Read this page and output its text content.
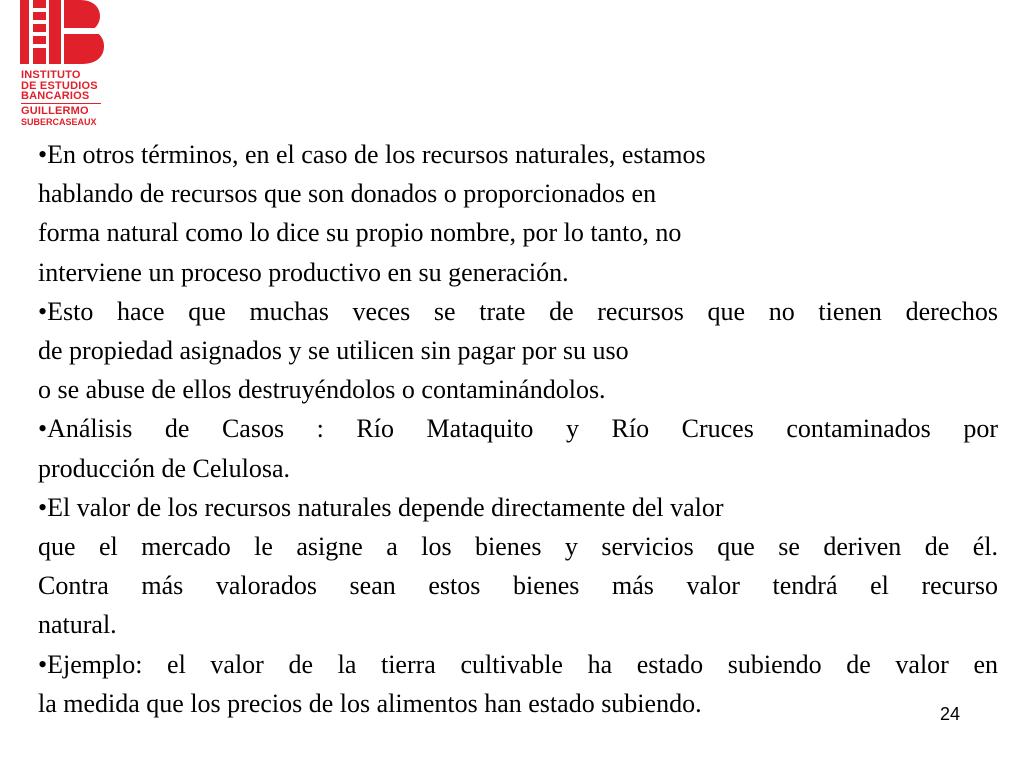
INSTITUTO
DE ESTUDIOS
BANCARIOS
GUILLERMO
SUBERCASEAUX

•En otros términos, en el caso de los recursos naturales, estamos

hablando de recursos que son donados o proporcionados en

forma natural como lo dice su propio nombre, por lo tanto, no

interviene un proceso productivo en su generación.

•Esto hace que muchas veces se trate de recursos que no tienen derechos

de propiedad asignados y se utilicen sin pagar por su uso

o se abuse de ellos destruyéndolos o contaminándolos.

•Análisis de Casos : Río Mataquito y Río Cruces contaminados por

producción de Celulosa.

•El valor de los recursos naturales depende directamente del valor

que el mercado le asigne a los bienes y servicios que se deriven de él.

Contra más valorados sean estos bienes más valor tendrá el recurso

natural.

•Ejemplo: el valor de la tierra cultivable ha estado subiendo de valor en

la medida que los precios de los alimentos han estado subiendo.	24
